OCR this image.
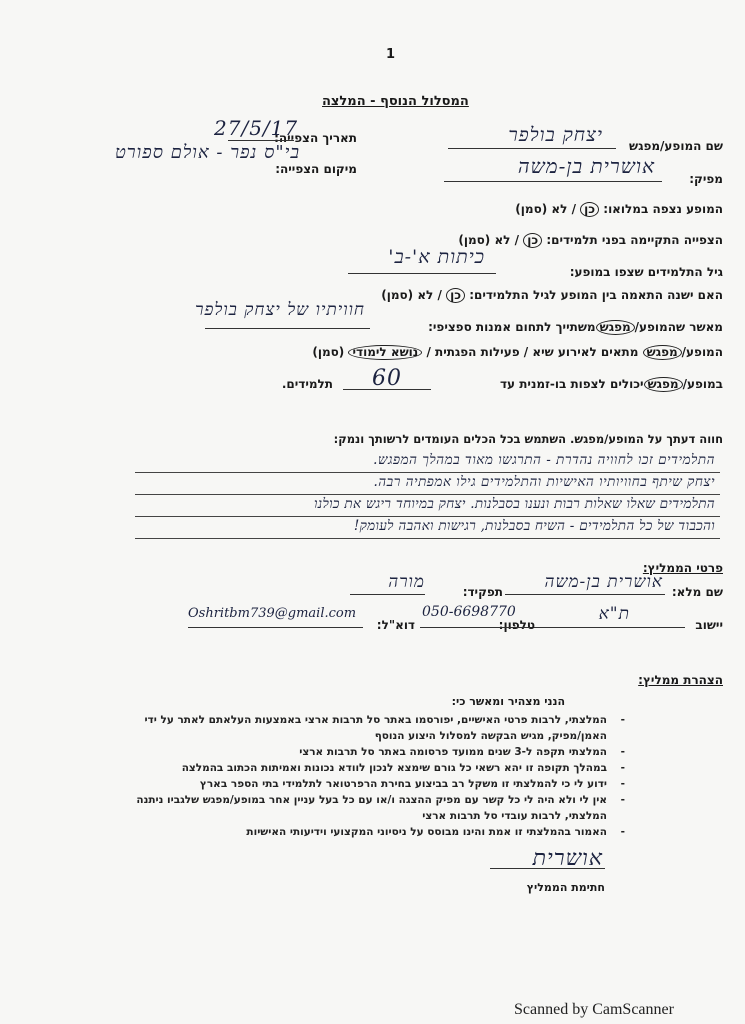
1
המסלול הנוסף - המלצה
שם המופע/מפגש
יצחק בולפר
תאריך הצפייה:
27/5/17
מפיק:
אושרית בן-משה
מיקום הצפייה:
בי"ס נפר - אולם ספורט
המופע נצפה במלואו: כן / לא (סמן)
הצפייה התקיימה בפני תלמידים: כן / לא (סמן)
גיל התלמידים שצפו במופע:
כיתות א'-ב'
האם ישנה התאמה בין המופע לגיל התלמידים: כן / לא (סמן)
מאשר שהמופע/מפגשמשתייך לתחום אמנות ספציפי:
חוויתיו של יצחק בולפר
המופע/מפגש מתאים לאירוע שיא / פעילות הפגתית / נושא לימודי (סמן)
במופע/מפגשיכולים לצפות בו-זמנית עד
60
תלמידים.
חווה דעתך על המופע/מפגש. השתמש בכל הכלים העומדים לרשותך ונמק:
התלמידים זכו לחוויה נהדרת - התרגשו מאוד במהלך המפגש.
יצחק שיתף בחוויותיו האישיות והתלמידים גילו אמפתיה רבה.
התלמידים שאלו שאלות רבות ונענו בסבלנות. יצחק במיוחד ריגש את כולנו
והכבוד של כל התלמידים - השיח בסבלנות, רגישות ואהבה לעומק!
פרטי הממליץ:
שם מלא:
אושרית בן-משה
תפקיד:
מורה
יישוב
ת"א
טלפון:
050-6698770
דוא"ל:
Oshritbm739@gmail.com
הצהרת ממליץ:
הנני מצהיר ומאשר כי:
- המלצתי, לרבות פרטי האישיים, יפורסמו באתר סל תרבות ארצי באמצעות העלאתם לאתר על ידי האמן/מפיק, מגיש הבקשה למסלול היצוע הנוסף
- המלצתי תקפה ל-3 שנים ממועד פרסומה באתר סל תרבות ארצי
- במהלך תקופה זו יהא רשאי כל גורם שימצא לנכון לוודא נכונות ואמיתות הכתוב בהמלצה
- ידוע לי כי להמלצתי זו משקל רב בביצוע בחירת הרפרטואר לתלמידי בתי הספר בארץ
- אין לי ולא היה לי כל קשר עם מפיק ההצגה ו/או עם כל בעל עניין אחר במופע/מפגש שלגביו ניתנה המלצתי, לרבות עובדי סל תרבות ארצי
- האמור בהמלצתי זו אמת והינו מבוסס על ניסיוני המקצועי וידיעותי האישיות
אושרית
חתימת הממליץ
Scanned by CamScanner
